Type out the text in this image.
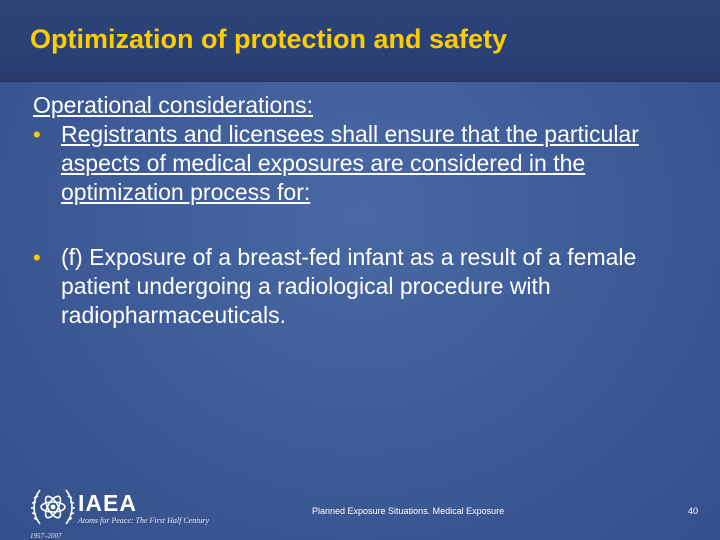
Optimization of protection and safety

Operational considerations:

• Registrants and licensees shall ensure that the particular aspects of medical exposures are considered in the optimization process for:

• (f) Exposure of a breast-fed infant as a result of a female patient undergoing a radiological procedure with radiopharmaceuticals.

IAEA
Atoms for Peace: The First Half Century
1957–2007
Planned Exposure Situations. Medical Exposure	40
